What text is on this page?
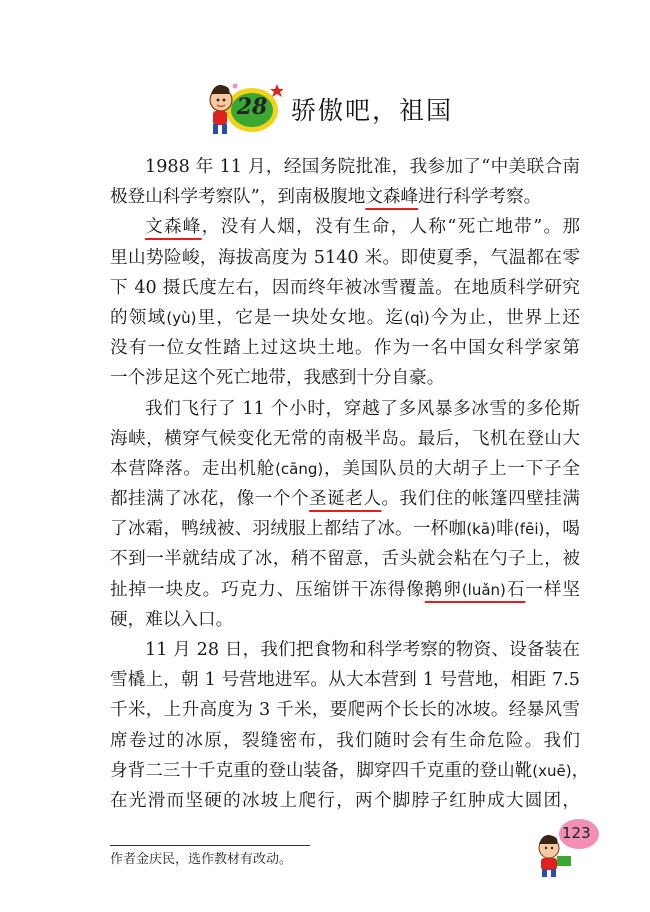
28 骄傲吧，祖国
1988 年 11 月，经国务院批准，我参加了“中美联合南
极登山科学考察队”，到南极腹地文森峰进行科学考察。
文森峰，没有人烟，没有生命，人称“死亡地带”。那
里山势险峻，海拔高度为 5140 米。即使夏季，气温都在零
下 40 摄氏度左右，因而终年被冰雪覆盖。在地质科学研究
的领域(yù)里，它是一块处女地。迄(qì)今为止，世界上还
没有一位女性踏上过这块土地。作为一名中国女科学家第
一个涉足这个死亡地带，我感到十分自豪。
我们飞行了 11 个小时，穿越了多风暴多冰雪的多伦斯
海峡，横穿气候变化无常的南极半岛。最后，飞机在登山大
本营降落。走出机舱(cāng)，美国队员的大胡子上一下子全
都挂满了冰花，像一个个圣诞老人。我们住的帐篷四壁挂满
了冰霜，鸭绒被、羽绒服上都结了冰。一杯咖(kā)啡(fēi)，喝
不到一半就结成了冰，稍不留意，舌头就会粘在勺子上，被
扯掉一块皮。巧克力、压缩饼干冻得像鹅卵(luǎn)石一样坚
硬，难以入口。
11 月 28 日，我们把食物和科学考察的物资、设备装在
雪橇上，朝 1 号营地进军。从大本营到 1 号营地，相距 7.5
千米，上升高度为 3 千米，要爬两个长长的冰坡。经暴风雪
席卷过的冰原，裂缝密布，我们随时会有生命危险。我们
身背二三十千克重的登山装备，脚穿四千克重的登山靴(xuē)，
在光滑而坚硬的冰坡上爬行，两个脚脖子红肿成大圆团，
作者金庆民，选作教材有改动。
123
